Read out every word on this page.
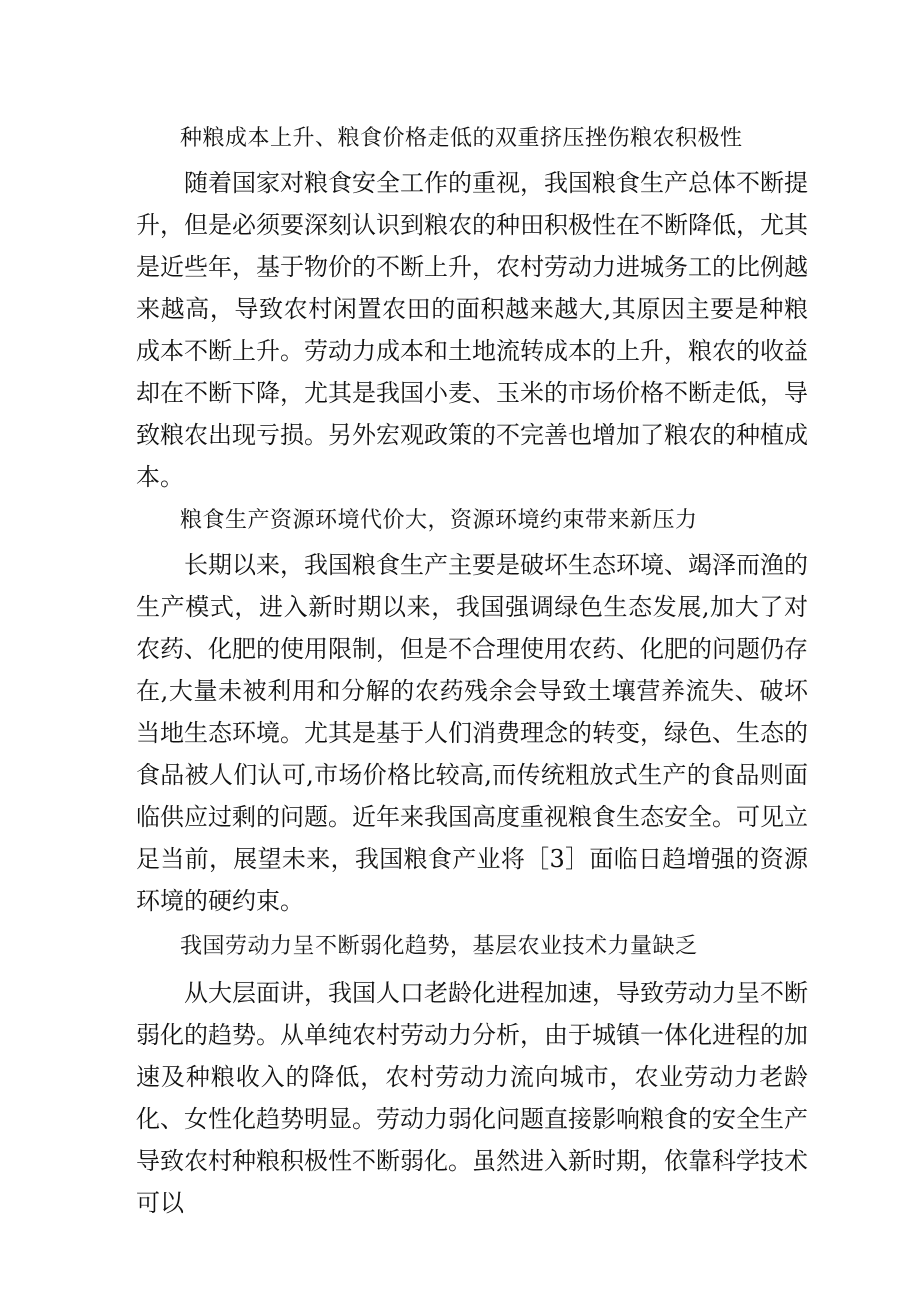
种粮成本上升、粮食价格走低的双重挤压挫伤粮农积极性

随着国家对粮食安全工作的重视，我国粮食生产总体不断提升，但是必须要深刻认识到粮农的种田积极性在不断降低，尤其是近些年，基于物价的不断上升，农村劳动力进城务工的比例越来越高，导致农村闲置农田的面积越来越大,其原因主要是种粮成本不断上升。劳动力成本和土地流转成本的上升，粮农的收益却在不断下降，尤其是我国小麦、玉米的市场价格不断走低，导致粮农出现亏损。另外宏观政策的不完善也增加了粮农的种植成本。

粮食生产资源环境代价大，资源环境约束带来新压力

长期以来，我国粮食生产主要是破坏生态环境、竭泽而渔的生产模式，进入新时期以来，我国强调绿色生态发展,加大了对农药、化肥的使用限制，但是不合理使用农药、化肥的问题仍存在,大量未被利用和分解的农药残余会导致土壤营养流失、破坏当地生态环境。尤其是基于人们消费理念的转变，绿色、生态的食品被人们认可,市场价格比较高,而传统粗放式生产的食品则面临供应过剩的问题。近年来我国高度重视粮食生态安全。可见立足当前，展望未来，我国粮食产业将［3］面临日趋增强的资源环境的硬约束。

我国劳动力呈不断弱化趋势，基层农业技术力量缺乏

从大层面讲，我国人口老龄化进程加速，导致劳动力呈不断弱化的趋势。从单纯农村劳动力分析，由于城镇一体化进程的加速及种粮收入的降低，农村劳动力流向城市，农业劳动力老龄化、女性化趋势明显。劳动力弱化问题直接影响粮食的安全生产导致农村种粮积极性不断弱化。虽然进入新时期，依靠科学技术可以
